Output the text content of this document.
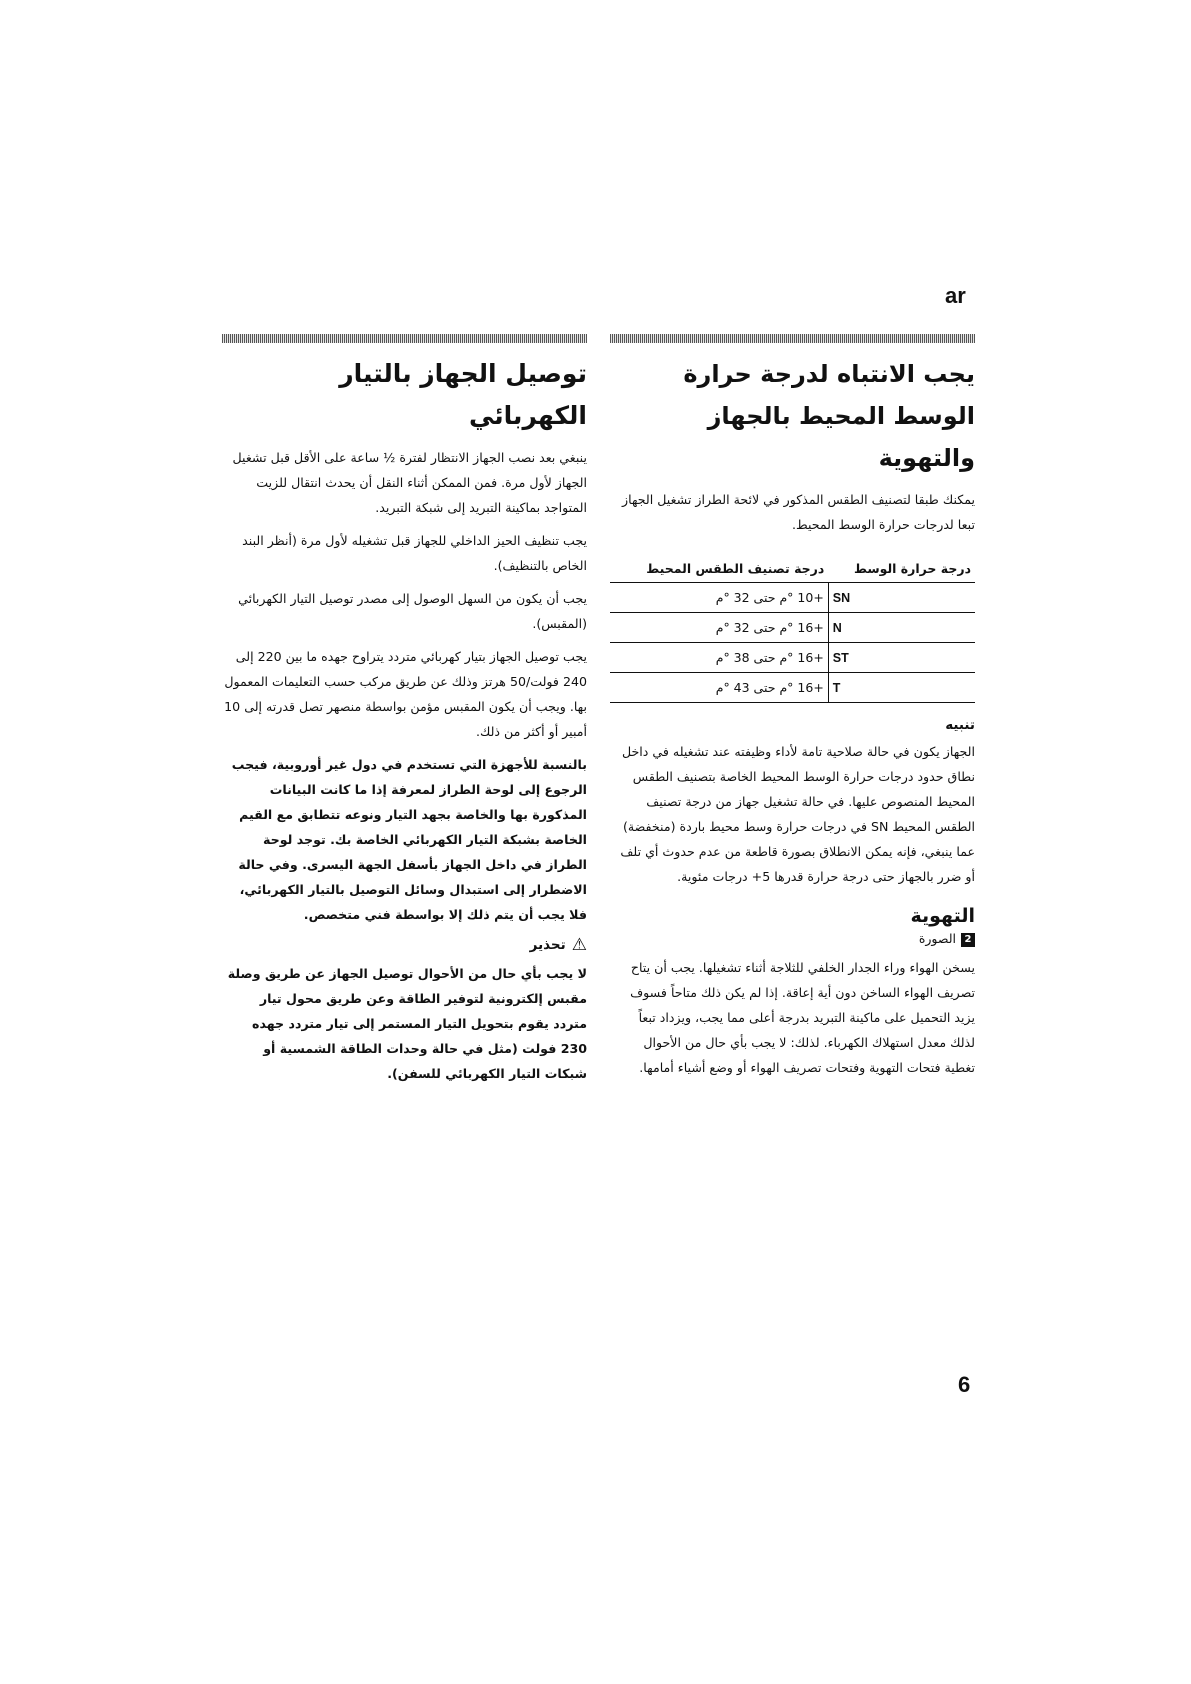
ar
يجب الانتباه لدرجة حرارة الوسط المحيط بالجهاز والتهوية
يمكنك طبقا لتصنيف الطقس المذكور في لائحة الطراز تشغيل الجهاز تبعا لدرجات حرارة الوسط المحيط.
درجة حرارة الوسط	درجة تصنيف الطقس المحيط
SN	+10 °م حتى 32 °م
N	+16 °م حتى 32 °م
ST	+16 °م حتى 38 °م
T	+16 °م حتى 43 °م
تنبيه
الجهاز يكون في حالة صلاحية تامة لأداء وظيفته عند تشغيله في داخل نطاق حدود درجات حرارة الوسط المحيط الخاصة بتصنيف الطقس المحيط المنصوص عليها. في حالة تشغيل جهاز من درجة تصنيف الطقس المحيط SN في درجات حرارة وسط محيط باردة (منخفضة) عما ينبغي، فإنه يمكن الانطلاق بصورة قاطعة من عدم حدوث أي تلف أو ضرر بالجهاز حتى درجة حرارة قدرها 5+ درجات مئوية.
التهوية
2الصورة
يسخن الهواء وراء الجدار الخلفي للثلاجة أثناء تشغيلها. يجب أن يتاح تصريف الهواء الساخن دون أية إعاقة. إذا لم يكن ذلك متاحاً فسوف يزيد التحميل على ماكينة التبريد بدرجة أعلى مما يجب، ويزداد تبعاً لذلك معدل استهلاك الكهرباء. لذلك: لا يجب بأي حال من الأحوال تغطية فتحات التهوية وفتحات تصريف الهواء أو وضع أشياء أمامها.
توصيل الجهاز بالتيار الكهربائي
ينبغي بعد نصب الجهاز الانتظار لفترة ½ ساعة على الأقل قبل تشغيل الجهاز لأول مرة. فمن الممكن أثناء النقل أن يحدث انتقال للزيت المتواجد بماكينة التبريد إلى شبكة التبريد.
يجب تنظيف الحيز الداخلي للجهاز قبل تشغيله لأول مرة (أنظر البند الخاص بالتنظيف).
يجب أن يكون من السهل الوصول إلى مصدر توصيل التيار الكهربائي (المقبس).
يجب توصيل الجهاز بتيار كهربائي متردد يتراوح جهده ما بين 220 إلى 240 فولت/50 هرتز وذلك عن طريق مركب حسب التعليمات المعمول بها. ويجب أن يكون المقبس مؤمن بواسطة منصهر تصل قدرته إلى 10 أمبير أو أكثر من ذلك.
بالنسبة للأجهزة التي تستخدم في دول غير أوروبية، فيجب الرجوع إلى لوحة الطراز لمعرفة إذا ما كانت البيانات المذكورة بها والخاصة بجهد التيار ونوعه تتطابق مع القيم الخاصة بشبكة التيار الكهربائي الخاصة بك. توجد لوحة الطراز في داخل الجهاز بأسفل الجهة اليسرى. وفي حالة الاضطرار إلى استبدال وسائل التوصيل بالتيار الكهربائي، فلا يجب أن يتم ذلك إلا بواسطة فني متخصص.
⚠تحذير
لا يجب بأي حال من الأحوال توصيل الجهاز عن طريق وصلة مقبس إلكترونية لتوفير الطاقة وعن طريق محول تيار متردد يقوم بتحويل التيار المستمر إلى تيار متردد جهده 230 فولت (مثل في حالة وحدات الطاقة الشمسية أو شبكات التيار الكهربائي للسفن).
6
